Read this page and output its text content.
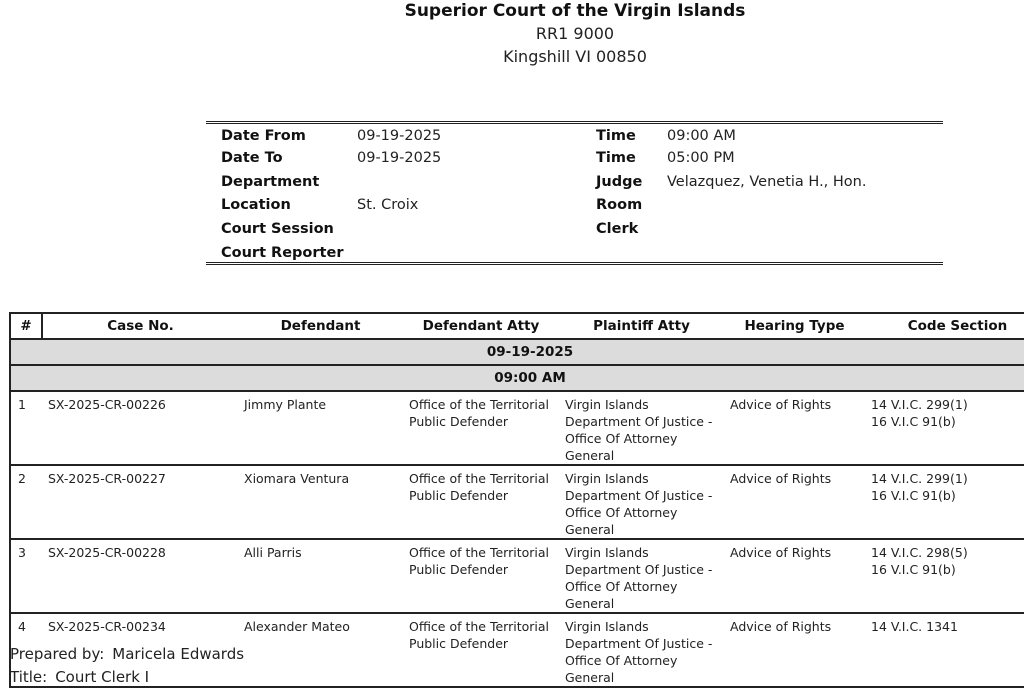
Superior Court of the Virgin Islands
RR1 9000
Kingshill VI 00850
Date From	09-19-2025	Time 09:00 AM
Date To	09-19-2025	Time 05:00 PM
Department	Judge Velazquez, Venetia H., Hon.
Location	St. Croix	Room
Court Session	Clerk
Court Reporter
#	Case No.	Defendant	Defendant Atty	Plaintiff Atty	Hearing Type	Code Section
09-19-2025						
09:00 AM						
1	SX-2025-CR-00226	Jimmy Plante	Office of the Territorial Public Defender	Virgin Islands Department Of Justice - Office Of Attorney General	Advice of Rights	14 V.I.C. 299(1)
16 V.I.C 91(b)

2	SX-2025-CR-00227	Xiomara Ventura	Office of the Territorial Public Defender	Virgin Islands Department Of Justice - Office Of Attorney General	Advice of Rights	14 V.I.C. 299(1)
16 V.I.C 91(b)

3	SX-2025-CR-00228	Alli Parris	Office of the Territorial Public Defender	Virgin Islands Department Of Justice - Office Of Attorney General	Advice of Rights	14 V.I.C. 298(5)
16 V.I.C 91(b)

4	SX-2025-CR-00234	Alexander Mateo	Office of the Territorial Public Defender	Virgin Islands Department Of Justice - Office Of Attorney General	Advice of Rights	14 V.I.C. 1341
Prepared by: Maricela Edwards
Title: Court Clerk I
